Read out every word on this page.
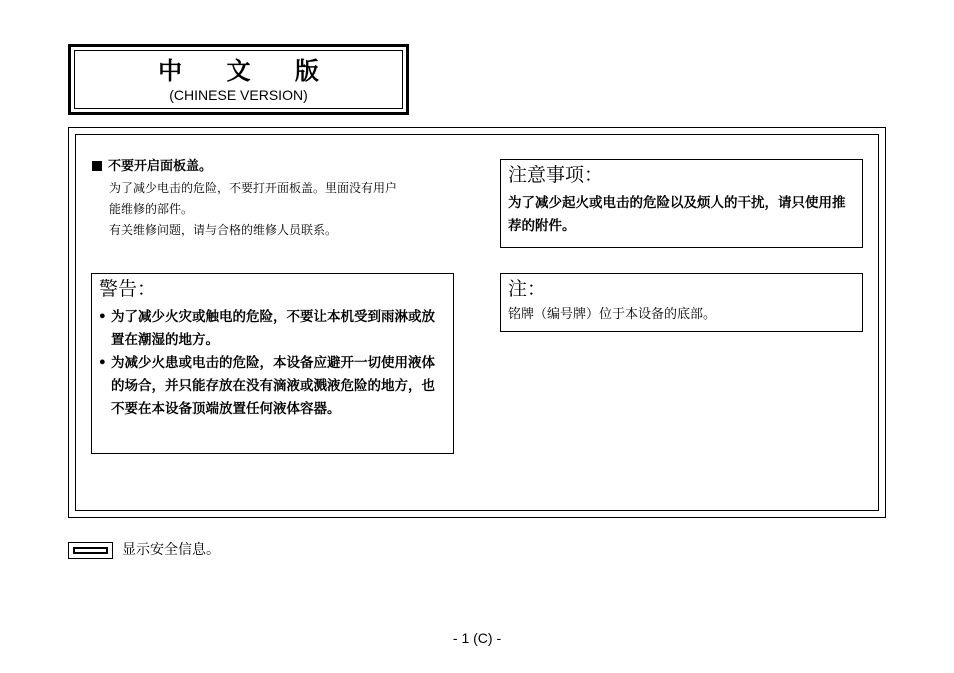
中 文 版
(CHINESE VERSION)
不要开启面板盖。
为了减少电击的危险，不要打开面板盖。里面没有用户
能维修的部件。
有关维修问题，请与合格的维修人员联系。
警告：
• 为了减少火灾或触电的危险，不要让本机受到雨淋或放置在潮湿的地方。
• 为减少火患或电击的危险，本设备应避开一切使用液体的场合，并只能存放在没有滴液或溅液危险的地方，也不要在本设备顶端放置任何液体容器。
注意事项：
为了减少起火或电击的危险以及烦人的干扰，请只使用推荐的附件。
注：
铭牌（编号牌）位于本设备的底部。
显示安全信息。
- 1 (C) -
